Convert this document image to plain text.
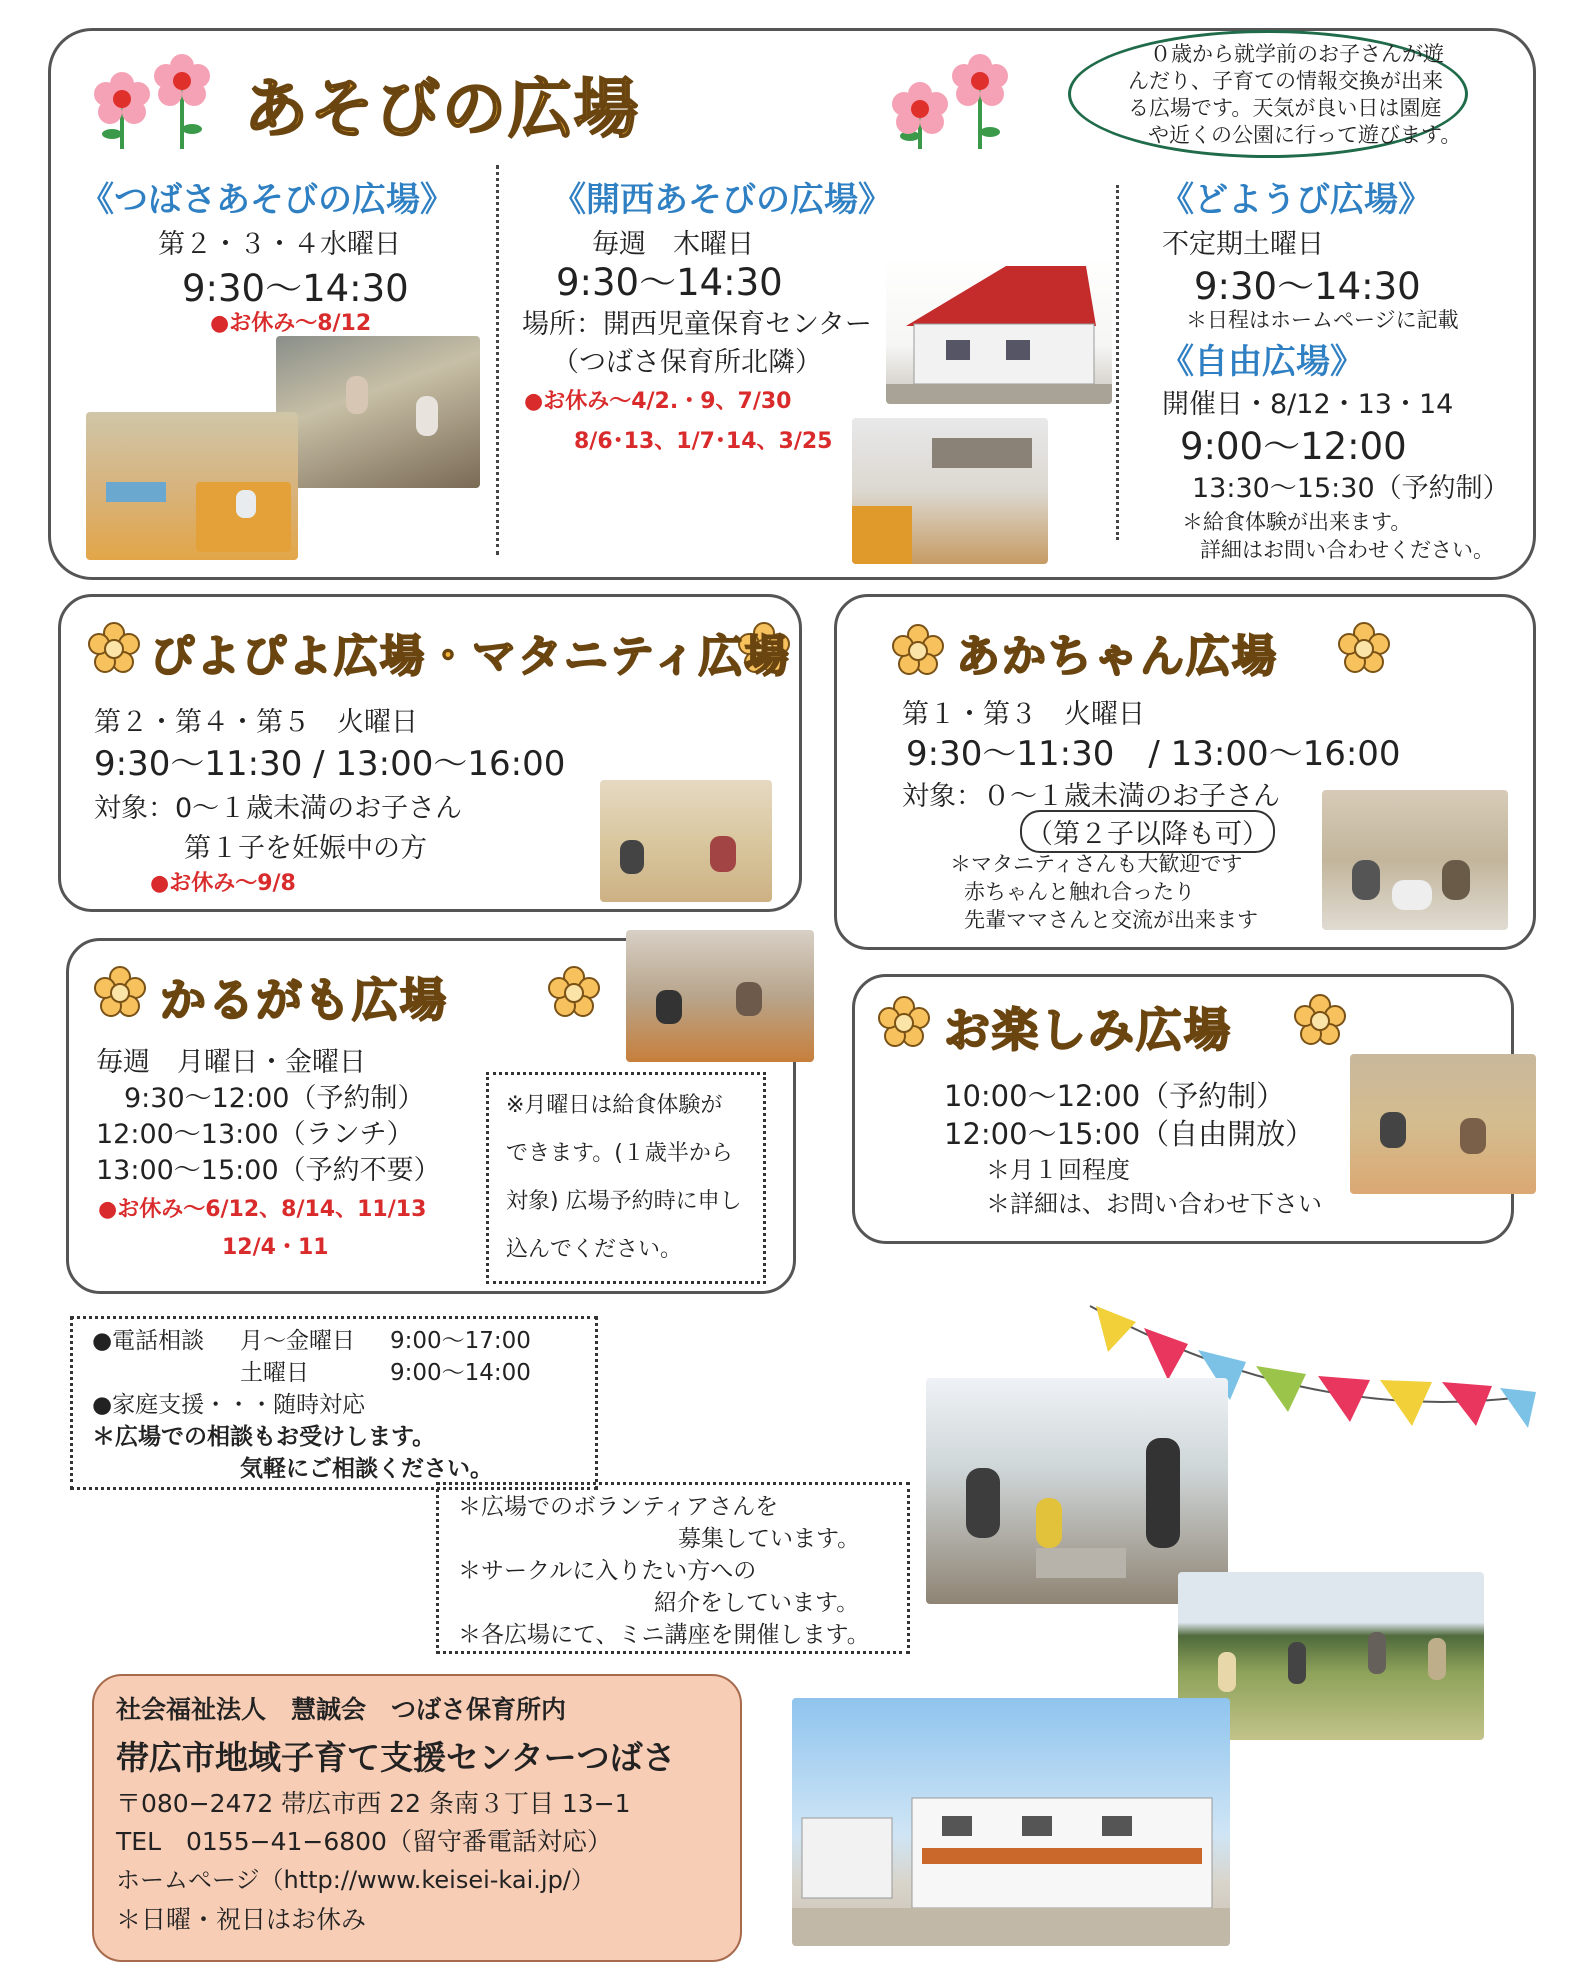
あそびの広場
０歳から就学前のお子さんが遊
んだり、子育ての情報交換が出来
る広場です。天気が良い日は園庭
や近くの公園に行って遊びます。
《つばさあそびの広場》
第２・３・４水曜日
9:30〜14:30
●お休み〜8/12
《開西あそびの広場》
毎週　木曜日
9:30〜14:30
場所：開西児童保育センター
（つばさ保育所北隣）
●お休み〜4/2.・9、7/30
8/6･13、1/7･14、3/25
《どようび広場》
不定期土曜日
9:30〜14:30
＊日程はホームページに記載
《自由広場》
開催日・8/12・13・14
9:00〜12:00
13:30〜15:30（予約制）
＊給食体験が出来ます。
詳細はお問い合わせください。
ぴよぴよ広場・マタニティ広場
第２・第４・第５　火曜日
9:30〜11:30 / 13:00〜16:00
対象：0〜１歳未満のお子さん
第１子を妊娠中の方
●お休み〜9/8
あかちゃん広場
第１・第３　火曜日
9:30〜11:30　/ 13:00〜16:00
対象：０〜１歳未満のお子さん
（第２子以降も可）
＊マタニティさんも大歓迎です
赤ちゃんと触れ合ったり
先輩ママさんと交流が出来ます
かるがも広場
毎週　月曜日・金曜日
9:30〜12:00（予約制）
12:00〜13:00（ランチ）
13:00〜15:00（予約不要）
●お休み〜6/12、8/14、11/13
12/4・11
※月曜日は給食体験が
できます。(１歳半から
対象) 広場予約時に申し
込んでください。
お楽しみ広場
10:00〜12:00（予約制）
12:00〜15:00（自由開放）
＊月１回程度
＊詳細は、お問い合わせ下さい
●電話相談 月〜金曜日 9:00〜17:00
土曜日	9:00〜14:00
●家庭支援・・・随時対応
＊広場での相談もお受けします。
気軽にご相談ください。
＊広場でのボランティアさんを
募集しています。
＊サークルに入りたい方への
紹介をしています。
＊各広場にて、ミニ講座を開催します。
社会福祉法人　慧誠会　つばさ保育所内
帯広市地域子育て支援センターつばさ
〒080−2472 帯広市西 22 条南３丁目 13−1
TEL　0155−41−6800（留守番電話対応）
ホームページ（http://www.keisei-kai.jp/）
＊日曜・祝日はお休み
